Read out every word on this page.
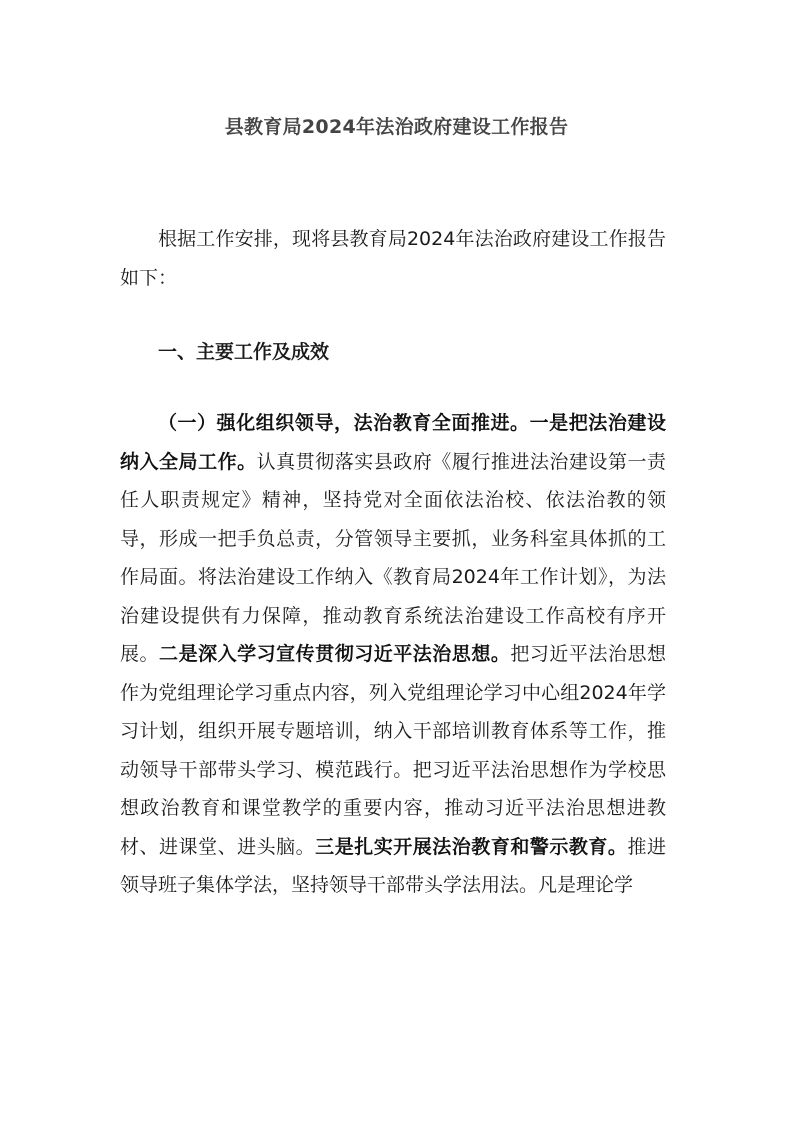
县教育局2024年法治政府建设工作报告

根据工作安排，现将县教育局2024年法治政府建设工作报告如下：

一、主要工作及成效

（一）强化组织领导，法治教育全面推进。一是把法治建设纳入全局工作。认真贯彻落实县政府《履行推进法治建设第一责任人职责规定》精神，坚持党对全面依法治校、依法治教的领导，形成一把手负总责，分管领导主要抓，业务科室具体抓的工作局面。将法治建设工作纳入《教育局2024年工作计划》，为法治建设提供有力保障，推动教育系统法治建设工作高校有序开展。二是深入学习宣传贯彻习近平法治思想。把习近平法治思想作为党组理论学习重点内容，列入党组理论学习中心组2024年学习计划，组织开展专题培训，纳入干部培训教育体系等工作，推动领导干部带头学习、模范践行。把习近平法治思想作为学校思想政治教育和课堂教学的重要内容，推动习近平法治思想进教材、进课堂、进头脑。三是扎实开展法治教育和警示教育。推进领导班子集体学法，坚持领导干部带头学法用法。凡是理论学
